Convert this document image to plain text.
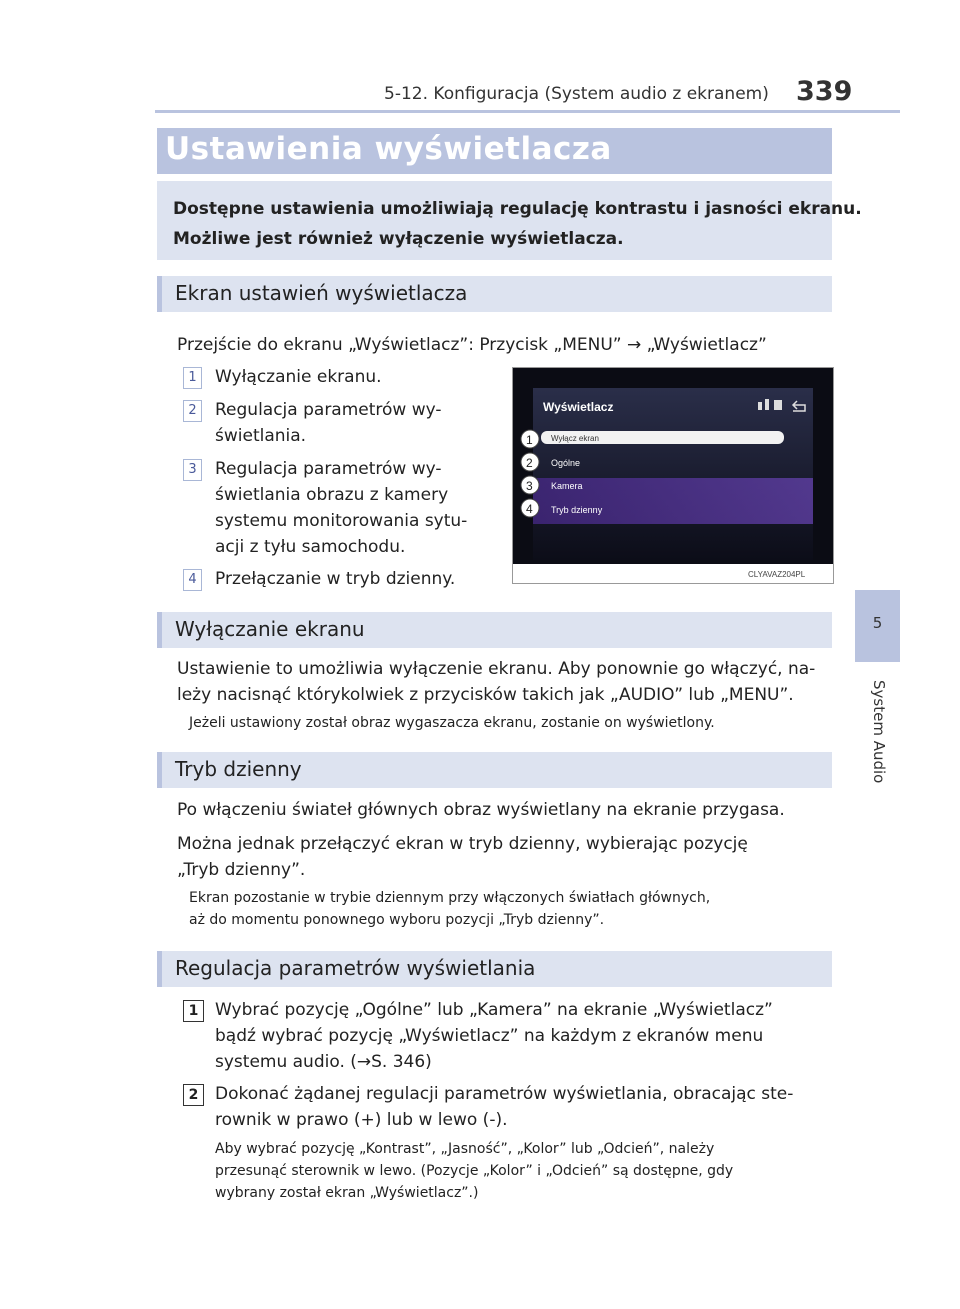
5-12. Konfiguracja (System audio z ekranem) 339
5
System Audio
Ustawienia wyświetlacza
Dostępne ustawienia umożliwiają regulację kontrastu i jasności ekranu.
Możliwe jest również wyłączenie wyświetlacza.
Ekran ustawień wyświetlacza
Przejście do ekranu „Wyświetlacz”: Przycisk „MENU” → „Wyświetlacz”
1	Wyłączanie ekranu.
2	Regulacja parametrów wy-
świetlania.
3	Regulacja parametrów wy-
świetlania obrazu z kamery
systemu monitorowania sytu-
acji z tyłu samochodu.
4	Przełączanie w tryb dzienny.
Wyświetlacz
Wyłącz ekran
Ogólne
Kamera
Tryb dzienny
1
2
3
4
CLYAVAZ204PL
Wyłączanie ekranu
Ustawienie to umożliwia wyłączenie ekranu. Aby ponownie go włączyć, na-
leży nacisnąć którykolwiek z przycisków takich jak „AUDIO” lub „MENU”.
Jeżeli ustawiony został obraz wygaszacza ekranu, zostanie on wyświetlony.
Tryb dzienny
Po włączeniu świateł głównych obraz wyświetlany na ekranie przygasa.
Można jednak przełączyć ekran w tryb dzienny, wybierając pozycję
„Tryb dzienny”.
Ekran pozostanie w trybie dziennym przy włączonych światłach głównych,
aż do momentu ponownego wyboru pozycji „Tryb dzienny”.
Regulacja parametrów wyświetlania
1 Wybrać pozycję „Ogólne” lub „Kamera” na ekranie „Wyświetlacz”
bądź wybrać pozycję „Wyświetlacz” na każdym z ekranów menu
systemu audio. (→S. 346)
2 Dokonać żądanej regulacji parametrów wyświetlania, obracając ste-
rownik w prawo (+) lub w lewo (-).
Aby wybrać pozycję „Kontrast”, „Jasność”, „Kolor” lub „Odcień”, należy
przesunąć sterownik w lewo. (Pozycje „Kolor” i „Odcień” są dostępne, gdy
wybrany został ekran „Wyświetlacz”.)
